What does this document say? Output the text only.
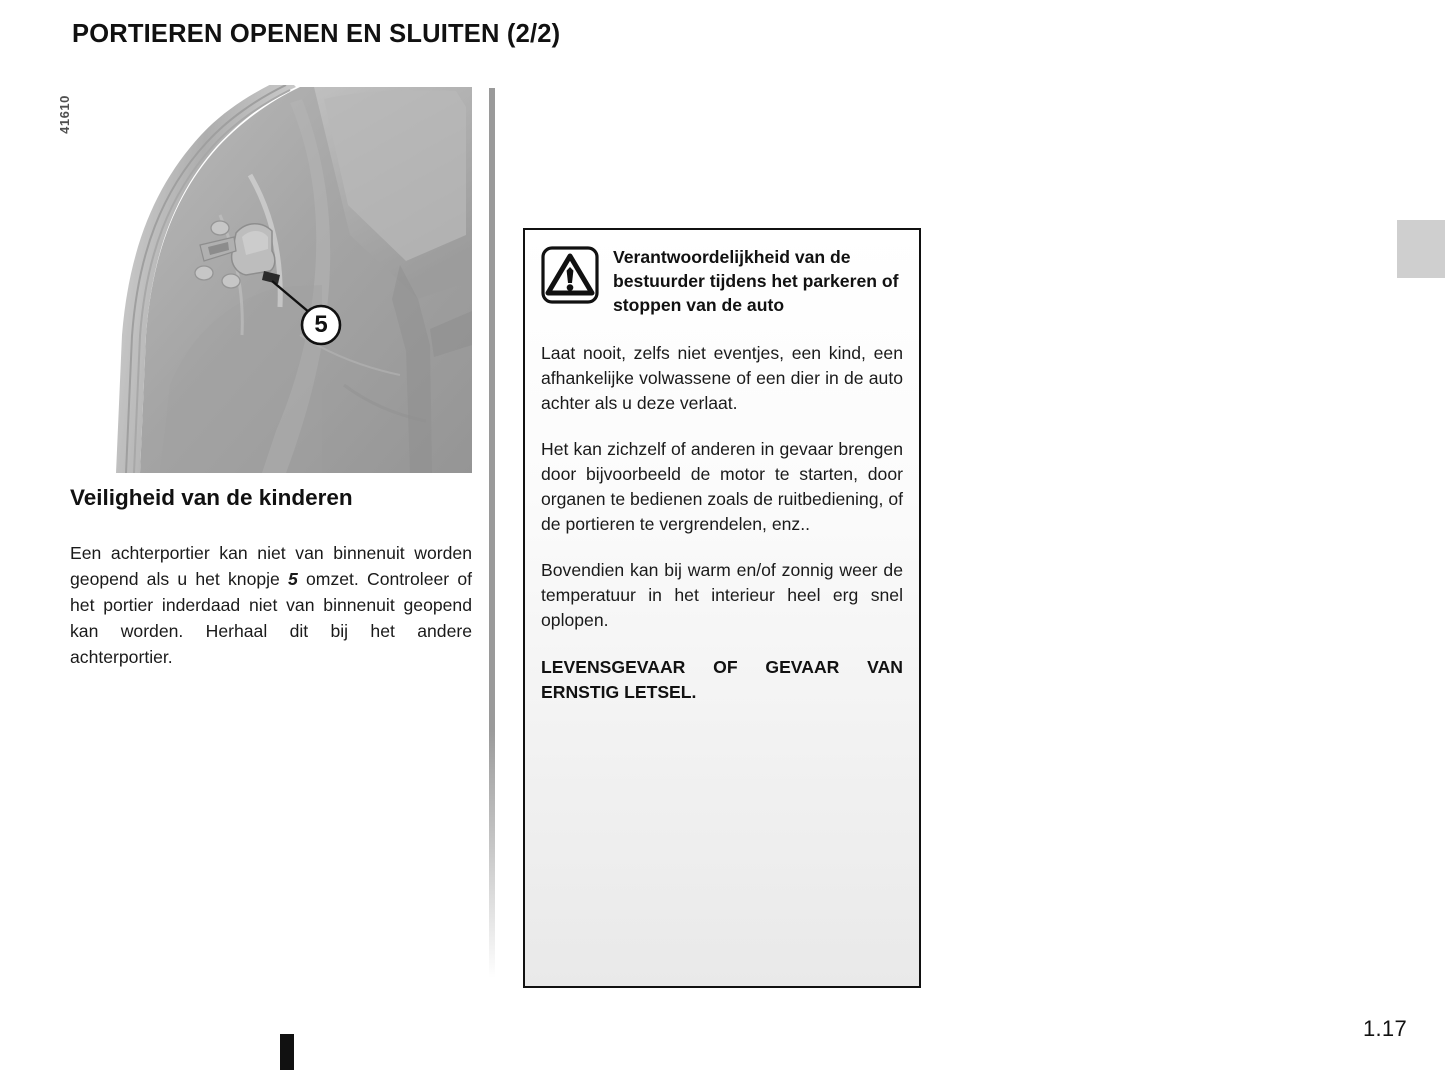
PORTIEREN OPENEN EN SLUITEN (2/2)
41610
5
Veiligheid van de kinderen

Een achterportier kan niet van binnenuit worden geopend als u het knopje 5 omzet. Controleer of het portier inderdaad niet van binnenuit geopend kan worden. Herhaal dit bij het andere achterportier.

Verantwoordelijkheid van de bestuurder tijdens het parkeren of stoppen van de auto

Laat nooit, zelfs niet eventjes, een kind, een afhankelijke volwassene of een dier in de auto achter als u deze verlaat.

Het kan zichzelf of anderen in gevaar brengen door bijvoorbeeld de motor te starten, door organen te bedienen zoals de ruitbediening, of de portieren te vergrendelen, enz..

Bovendien kan bij warm en/of zonnig weer de temperatuur in het interieur heel erg snel oplopen.

LEVENSGEVAAR OF GEVAAR VAN ERNSTIG LETSEL.

1.17
